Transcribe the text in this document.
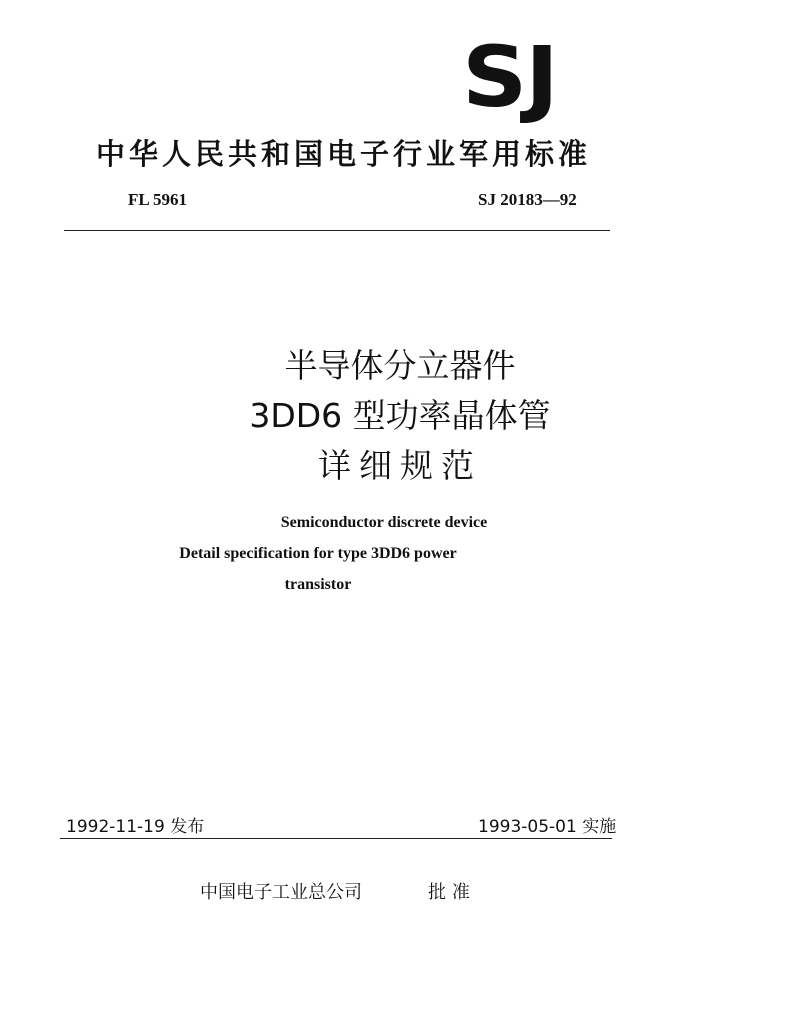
SJ
中华人民共和国电子行业军用标准
FL 5961	SJ 20183—92
半导体分立器件
3DD6 型功率晶体管
详细规范
Semiconductor discrete device
Detail specification for type 3DD6 power
transistor
1992-11-19 发布	1993-05-01 实施
中国电子工业总公司	批准
